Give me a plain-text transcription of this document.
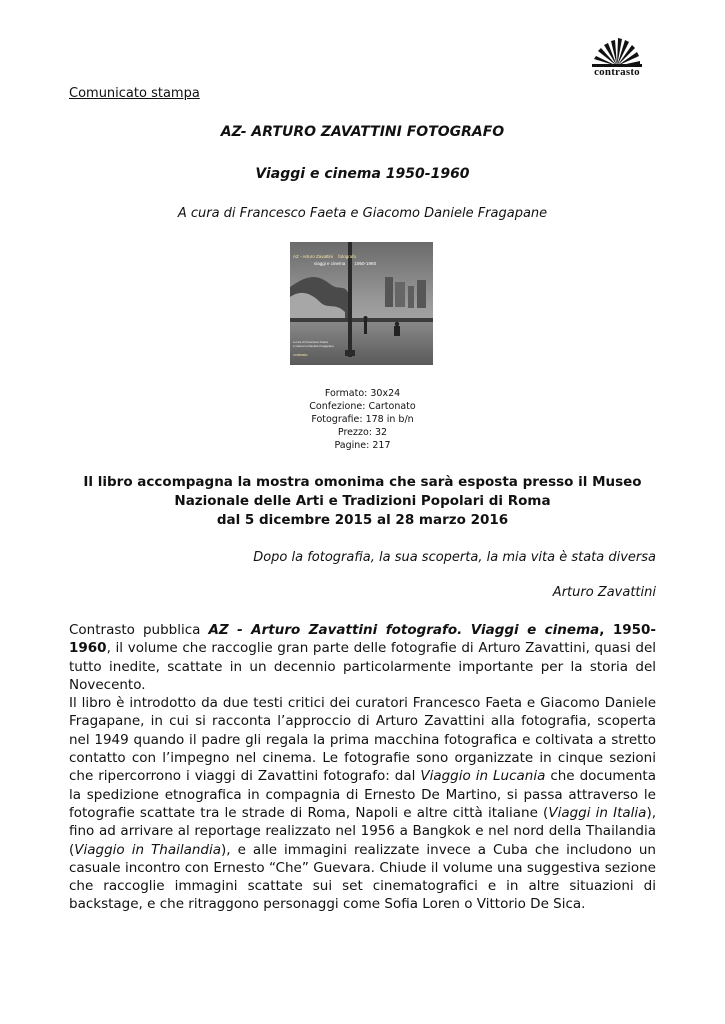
contrasto
Comunicato stampa
AZ- ARTURO ZAVATTINI FOTOGRAFO
Viaggi e cinema 1950-1960
A cura di Francesco Faeta e Giacomo Daniele Fragapane
AZ - Arturo Zavattini fotografo
viaggi e cinema 1950-1960
a cura di Francesco Faeta
e Giacomo Daniele Fragapane
contrasto
Formato: 30x24
Confezione: Cartonato
Fotografie: 178 in b/n
Prezzo: 32
Pagine: 217
Il libro accompagna la mostra omonima che sarà esposta presso il Museo
Nazionale delle Arti e Tradizioni Popolari di Roma
dal 5 dicembre 2015 al 28 marzo 2016
Dopo la fotografia, la sua scoperta, la mia vita è stata diversa
Arturo Zavattini

Contrasto pubblica AZ - Arturo Zavattini fotografo. Viaggi e cinema, 1950-1960, il volume che raccoglie gran parte delle fotografie di Arturo Zavattini, quasi del tutto inedite, scattate in un decennio particolarmente importante per la storia del Novecento.

Il libro è introdotto da due testi critici dei curatori Francesco Faeta e Giacomo Daniele Fragapane, in cui si racconta l’approccio di Arturo Zavattini alla fotografia, scoperta nel 1949 quando il padre gli regala la prima macchina fotografica e coltivata a stretto contatto con l’impegno nel cinema. Le fotografie sono organizzate in cinque sezioni che ripercorrono i viaggi di Zavattini fotografo: dal Viaggio in Lucania che documenta la spedizione etnografica in compagnia di Ernesto De Martino, si passa attraverso le fotografie scattate tra le strade di Roma, Napoli e altre città italiane (Viaggi in Italia), fino ad arrivare al reportage realizzato nel 1956 a Bangkok e nel nord della Thailandia (Viaggio in Thailandia), e alle immagini realizzate invece a Cuba che includono un casuale incontro con Ernesto “Che” Guevara. Chiude il volume una suggestiva sezione che raccoglie immagini scattate sui set cinematografici e in altre situazioni di backstage, e che ritraggono personaggi come Sofia Loren o Vittorio De Sica.
